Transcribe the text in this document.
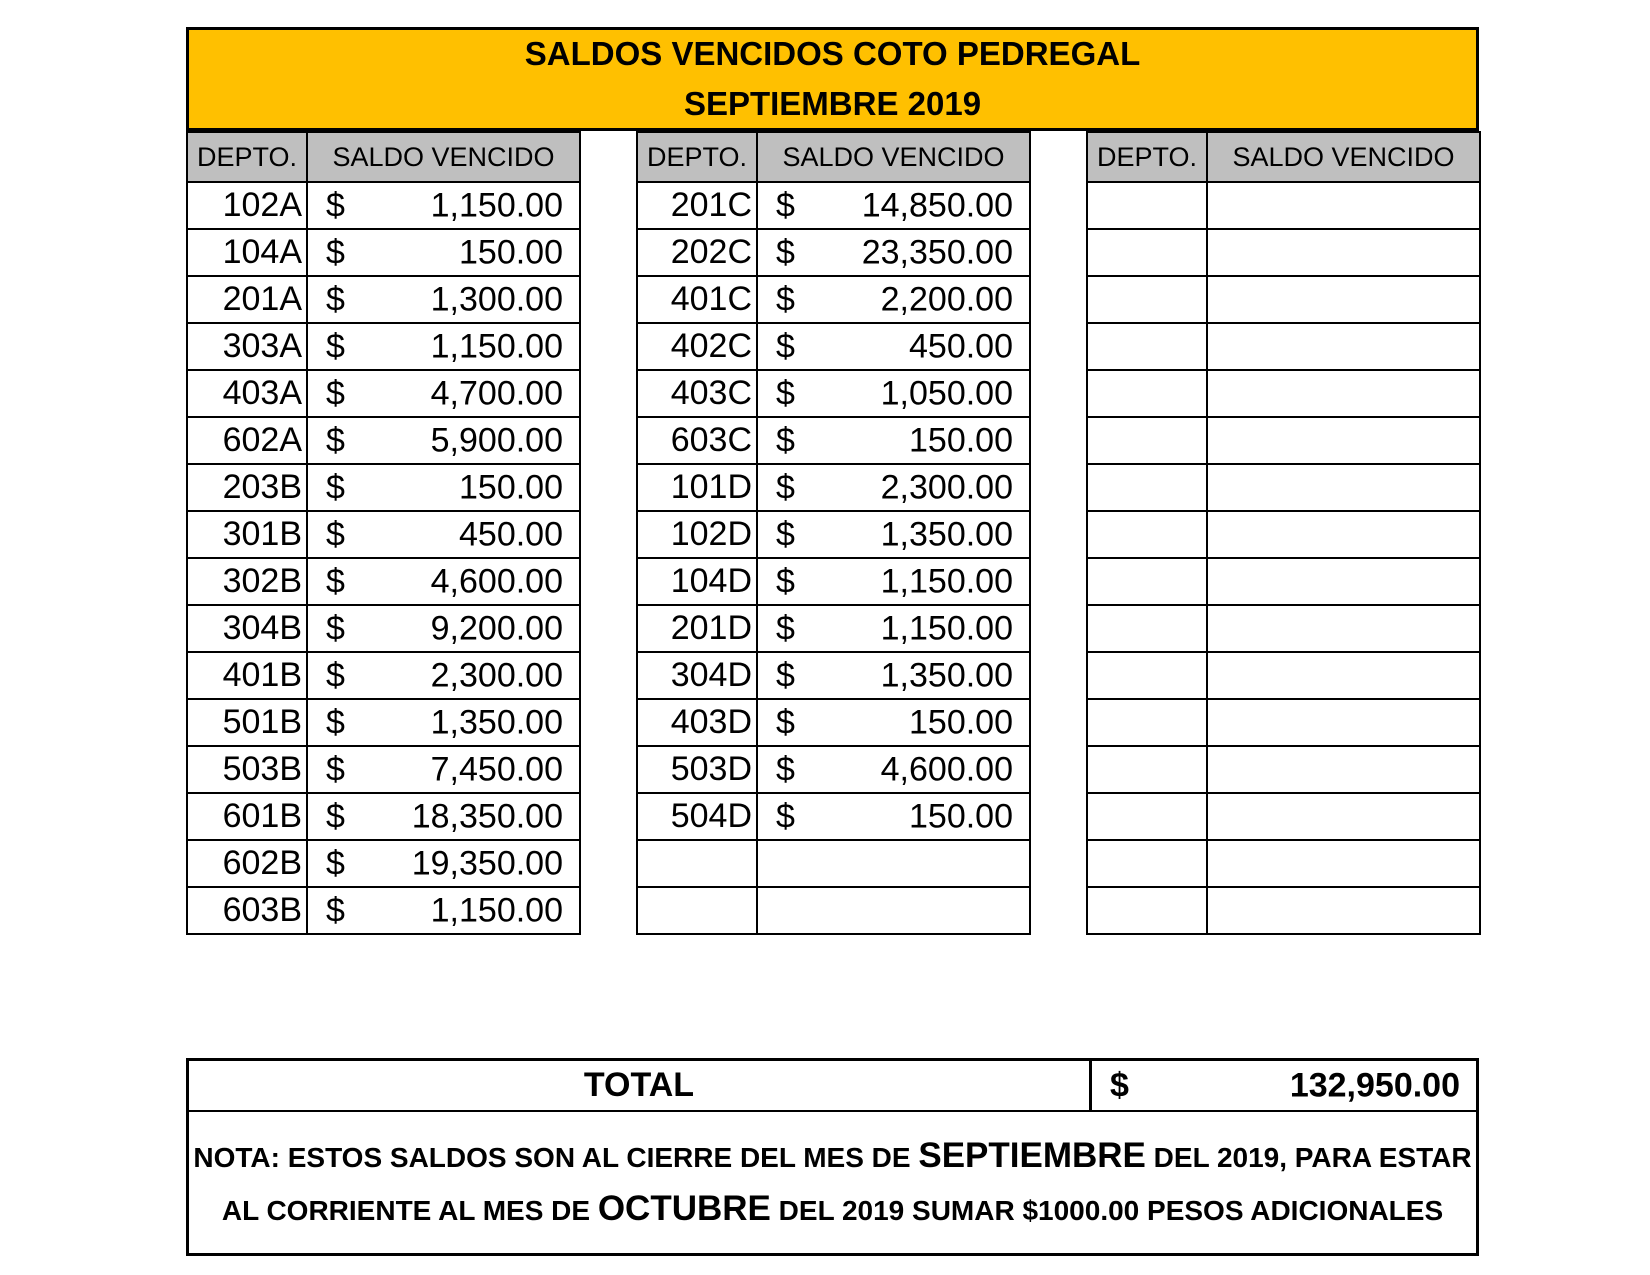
SALDOS VENCIDOS COTO PEDREGAL
SEPTIEMBRE 2019
DEPTO.	SALDO VENCIDO
102A	$ 1,150.00

104A	$ 150.00

201A	$ 1,300.00

303A	$ 1,150.00

403A	$ 4,700.00

602A	$ 5,900.00

203B	$ 150.00

301B	$ 450.00

302B	$ 4,600.00

304B	$ 9,200.00

401B	$ 2,300.00

501B	$ 1,350.00

503B	$ 7,450.00

601B	$ 18,350.00

602B	$ 19,350.00

603B	$ 1,150.00
DEPTO.	SALDO VENCIDO
201C	$ 14,850.00

202C	$ 23,350.00

401C	$ 2,200.00

402C	$ 450.00

403C	$ 1,050.00

603C	$ 150.00

101D	$ 2,300.00

102D	$ 1,350.00

104D	$ 1,150.00

201D	$ 1,150.00

304D	$ 1,350.00

403D	$ 150.00

503D	$ 4,600.00

504D	$ 150.00

DEPTO.	SALDO VENCIDO

TOTAL	$	132,950.00
NOTA: ESTOS SALDOS SON AL CIERRE DEL MES DE SEPTIEMBRE DEL 2019, PARA ESTAR
AL CORRIENTE AL MES DE OCTUBRE DEL 2019 SUMAR $1000.00 PESOS ADICIONALES
